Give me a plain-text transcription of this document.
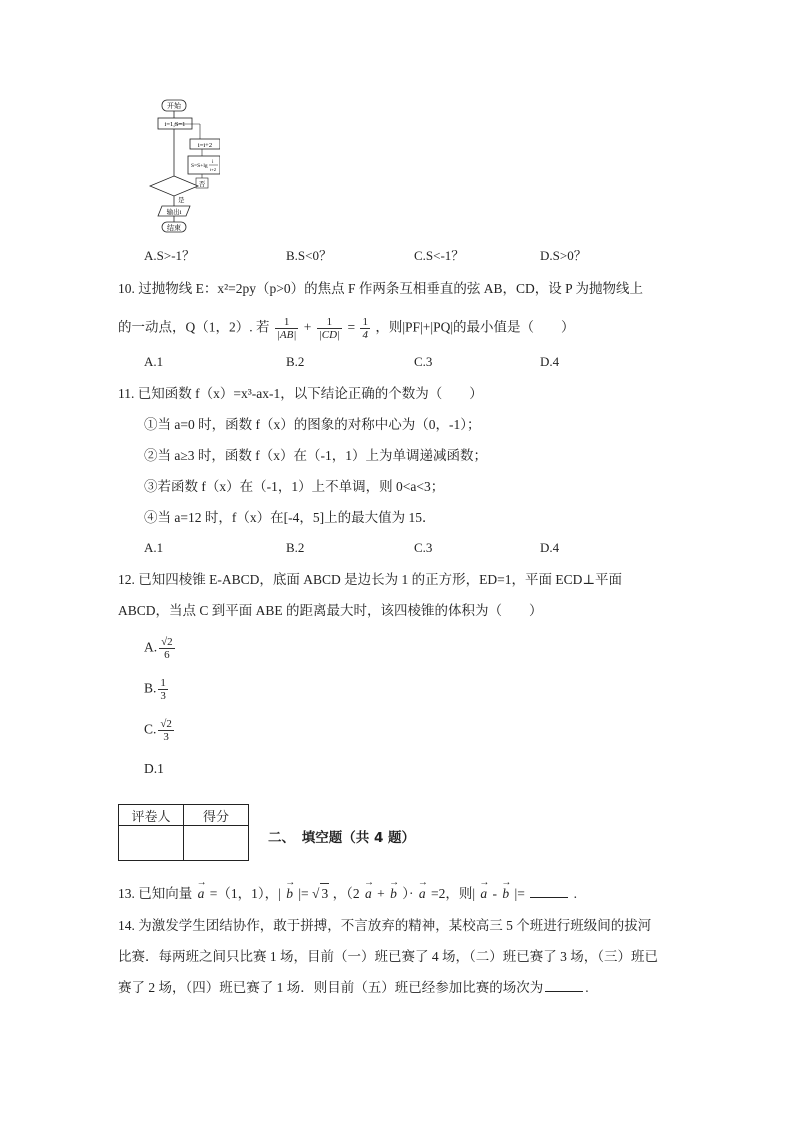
开始
i=1,S=1
i=i+2
S=S+lg
i
i+2
否
是
输出i
结束
A.S>-1？	B.S<0？	C.S<-1？	D.S>0？
10. 过抛物线 E：x²=2py（p>0）的焦点 F 作两条互相垂直的弦 AB，CD，设 P 为抛物线上
的一动点，Q（1，2）. 若 $\frac{1}{|AB|} + \frac{1}{|CD|} = \frac{1}{4}$ ，则|PF|+|PQ|的最小值是（　　）
A.1	B.2	C.3	D.4
11. 已知函数 f（x）=x³-ax-1，以下结论正确的个数为（　　）
①当 a=0 时，函数 f（x）的图象的对称中心为（0，-1）；
②当 a≥3 时，函数 f（x）在（-1，1）上为单调递减函数；
③若函数 f（x）在（-1，1）上不单调，则 0<a<3；
④当 a=12 时，f（x）在[-4，5]上的最大值为 15．
A.1	B.2	C.3	D.4
12. 已知四棱锥 E-ABCD，底面 ABCD 是边长为 1 的正方形，ED=1，平面 ECD⊥平面
ABCD，当点 C 到平面 ABE 的距离最大时，该四棱锥的体积为（　　）
A. $\frac{√2}{6}$
B. $\frac{1}{3}$
C. $\frac{√2}{3}$
D.1
评卷人	得分

二、　填空题（共 4 题）
13. 已知向量 → a =（1，1），| → b |= √ 3 ，（2 → a + → b ）· → a =2，则| → a - → b |=	.
14. 为激发学生团结协作，敢于拼搏，不言放弃的精神，某校高三 5 个班进行班级间的拔河
比赛．每两班之间只比赛 1 场，目前（一）班已赛了 4 场，（二）班已赛了 3 场，（三）班已
赛了 2 场，（四）班已赛了 1 场．则目前（五）班已经参加比赛的场次为	.
